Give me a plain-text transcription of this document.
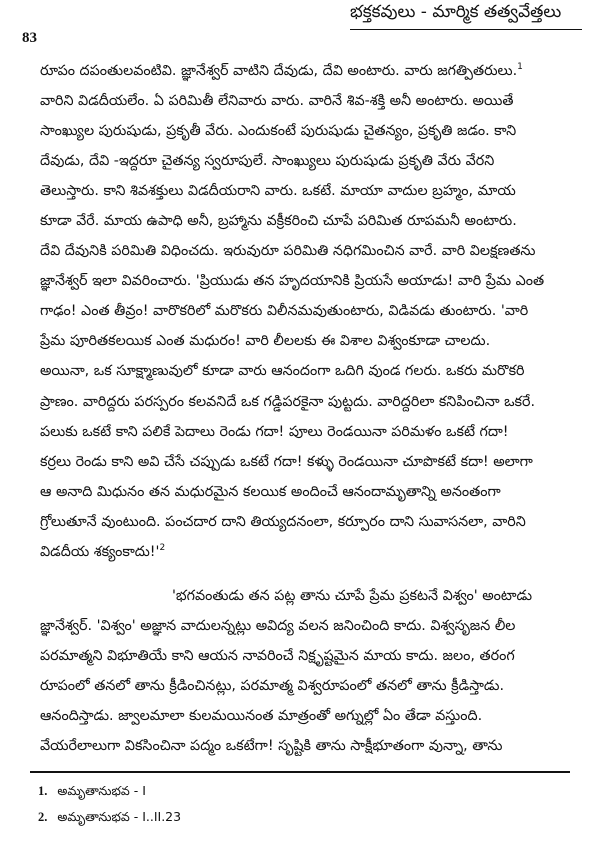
83
భక్తకవులు - మార్మిక తత్వవేత్తలు
రూపం దపంతులవంటివి. జ్ఞానేశ్వర్ వాటిని దేవుడు, దేవి అంటారు. వారు జగత్పితరులు.$^1$
వారిని విడదీయలేం. ఏ పరిమితీ లేనివారు వారు. వారినే శివ-శక్తి అనీ అంటారు. అయితే
సాంఖ్యుల పురుషుడు, ప్రకృతీ వేరు. ఎందుకంటే పురుషుడు చైతన్యం, ప్రకృతి జడం. కాని
దేవుడు, దేవి -ఇద్దరూ చైతన్య స్వరూపులే. సాంఖ్యులు పురుషుడు ప్రకృతి వేరు వేరని
తెలుస్తారు. కాని శివశక్తులు విడదీయరాని వారు. ఒకటే. మాయా వాదుల బ్రహ్మం, మాయ
కూడా వేరే. మాయ ఉపాధి అనీ, బ్రహ్మాను వక్రీకరించి చూపే పరిమిత రూపమనీ అంటారు.
దేవి దేవునికి పరిమితి విధించదు. ఇరువురూ పరిమితి నధిగమించిన వారే. వారి విలక్షణతను
జ్ఞానేశ్వర్ ఇలా వివరించారు. 'ప్రియుడు తన హృదయానికి ప్రియసే అయాడు! వారి ప్రేమ ఎంత
గాఢం! ఎంత తీవ్రం! వారొకరిలో మరొకరు విలీనమవుతుంటారు, విడివడు తుంటారు. 'వారి
ప్రేమ పూరితకలయిక ఎంత మధురం! వారి లీలలకు ఈ విశాల విశ్వంకూడా చాలదు.
అయినా, ఒక సూక్ష్మాణువులో కూడా వారు ఆనందంగా ఒదిగి వుండ గలరు. ఒకరు మరొకరి
ప్రాణం. వారిద్దరు పరస్పరం కలవనిదే ఒక గడ్డిపరకైనా పుట్టదు. వారిద్దరిలా కనిపించినా ఒకరే.
పలుకు ఒకటే కాని పలికే పెదాలు రెండు గదా! పూలు రెండయినా పరిమళం ఒకటే గదా!
కర్రలు రెండు కాని అవి చేసే చప్పుడు ఒకటే గదా! కళ్ళు రెండయినా చూపొకటే కదా! అలాగా
ఆ అనాది మిధునం తన మధురమైన కలయిక అందించే ఆనందామృతాన్ని అనంతంగా
గ్రోలుతూనే వుంటుంది. పంచదార దాని తియ్యదనంలా, కర్పూరం దాని సువాసనలా, వారిని
విడదీయ $శక్యంకాదు!'^2$
'భగవంతుడు తన పట్ల తాను చూపే ప్రేమ ప్రకటనే విశ్వం' అంటాడు
జ్ఞానేశ్వర్. 'విశ్వం' అజ్ఞాన వాదులన్నట్లు అవిద్య వలన జనించింది కాదు. విశ్వసృజన లీల
పరమాత్మని విభూతియే కాని ఆయన నావరించే నిక్షృష్టమైన మాయ కాదు. జలం, తరంగ
రూపంలో తనలో తాను క్రీడించినట్లు, పరమాత్మ విశ్వరూపంలో తనలో తాను క్రీడిస్తాడు.
ఆనందిస్తాడు. జ్వాలమాలా కులమయినంత మాత్రంతో అగ్నుల్లో ఏం తేడా వస్తుంది.
వేయరేలాలుగా వికసించినా పద్మం ఒకటేగా! సృష్టికి తాను సాక్షీభూతంగా వున్నా, తాను
1. అమృతానుభవ - I
2. అమృతానుభవ - I..II.23
